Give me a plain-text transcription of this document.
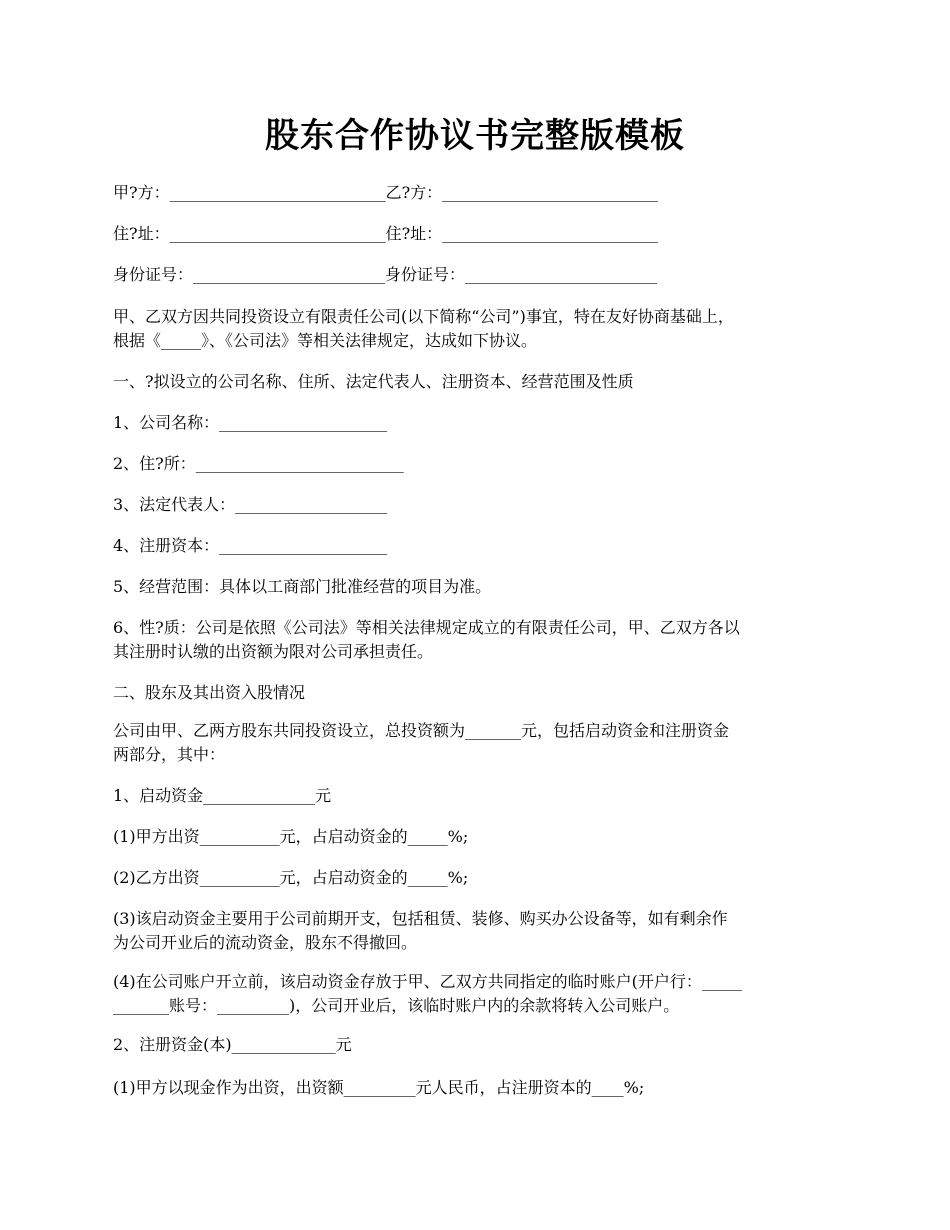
股东合作协议书完整版模板
甲?方：___________________________乙?方：___________________________
住?址：___________________________住?址：___________________________
身份证号：________________________身份证号：________________________
甲、乙双方因共同投资设立有限责任公司(以下简称“公司”)事宜，特在友好协商基础上，
根据《_____》、《公司法》等相关法律规定，达成如下协议。
一、?拟设立的公司名称、住所、法定代表人、注册资本、经营范围及性质
1、公司名称：_____________________
2、住?所：__________________________
3、法定代表人：___________________
4、注册资本：_____________________
5、经营范围：具体以工商部门批准经营的项目为准。
6、性?质：公司是依照《公司法》等相关法律规定成立的有限责任公司，甲、乙双方各以
其注册时认缴的出资额为限对公司承担责任。
二、股东及其出资入股情况
公司由甲、乙两方股东共同投资设立，总投资额为_______元，包括启动资金和注册资金
两部分，其中：
1、启动资金______________元
(1)甲方出资__________元，占启动资金的_____%;
(2)乙方出资__________元，占启动资金的_____%;
(3)该启动资金主要用于公司前期开支，包括租赁、装修、购买办公设备等，如有剩余作
为公司开业后的流动资金，股东不得撤回。
(4)在公司账户开立前，该启动资金存放于甲、乙双方共同指定的临时账户(开户行：_____
_______账号：_________)，公司开业后，该临时账户内的余款将转入公司账户。
2、注册资金(本)_____________元
(1)甲方以现金作为出资，出资额_________元人民币，占注册资本的____%;
